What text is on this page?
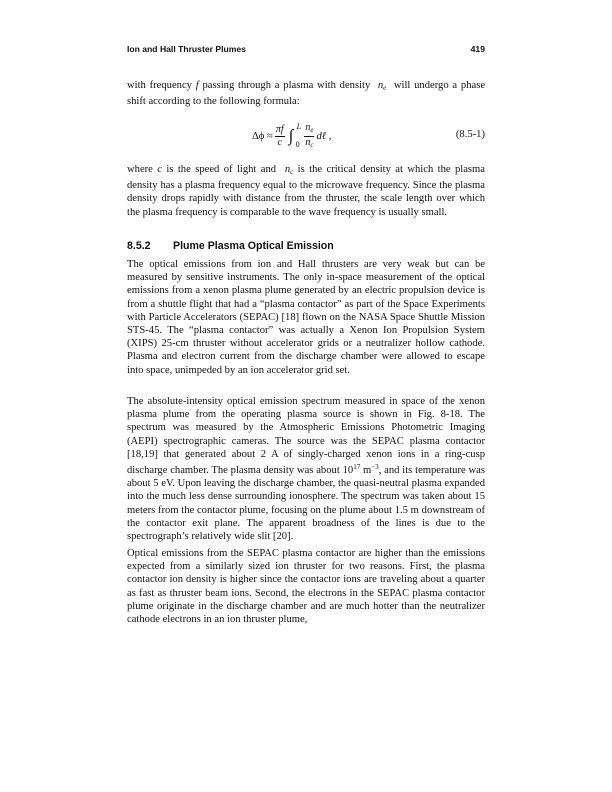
Ion and Hall Thruster Plumes	419

with frequency f passing through a plasma with density  $n_e$  will undergo a phase shift according to the following formula:

$\Delta\phi \approx \frac{\pi f}{c}$ ∫ L
$0 \frac{n_e}{n_c}$ dℓ ,	(8.5-1)

where c is the speed of light and  $n_c$ is the critical density at which the plasma density has a plasma frequency equal to the microwave frequency. Since the plasma density drops rapidly with distance from the thruster, the scale length over which the plasma frequency is comparable to the wave frequency is usually small.

8.5.2 Plume Plasma Optical Emission

The optical emissions from ion and Hall thrusters are very weak but can be measured by sensitive instruments. The only in-space measurement of the optical emissions from a xenon plasma plume generated by an electric propulsion device is from a shuttle flight that had a “plasma contactor” as part of the Space Experiments with Particle Accelerators (SEPAC) [18] flown on the NASA Space Shuttle Mission STS-45. The “plasma contactor” was actually a Xenon Ion Propulsion System (XIPS) 25-cm thruster without accelerator grids or a neutralizer hollow cathode. Plasma and electron current from the discharge chamber were allowed to escape into space, unimpeded by an ion accelerator grid set.

The absolute-intensity optical emission spectrum measured in space of the xenon plasma plume from the operating plasma source is shown in Fig. 8-18. The spectrum was measured by the Atmospheric Emissions Photometric Imaging (AEPI) spectrographic cameras. The source was the SEPAC plasma contactor [18,19] that generated about 2 A of singly-charged xenon ions in a ring-cusp discharge chamber. The plasma density was about $10^{17}$ $m^{-3}$, and its temperature was about 5 eV. Upon leaving the discharge chamber, the quasi-neutral plasma expanded into the much less dense surrounding ionosphere. The spectrum was taken about 15 meters from the contactor plume, focusing on the plume about 1.5 m downstream of the contactor exit plane. The apparent broadness of the lines is due to the spectrograph’s relatively wide slit [20].

Optical emissions from the SEPAC plasma contactor are higher than the emissions expected from a similarly sized ion thruster for two reasons. First, the plasma contactor ion density is higher since the contactor ions are traveling about a quarter as fast as thruster beam ions. Second, the electrons in the SEPAC plasma contactor plume originate in the discharge chamber and are much hotter than the neutralizer cathode electrons in an ion thruster plume,
